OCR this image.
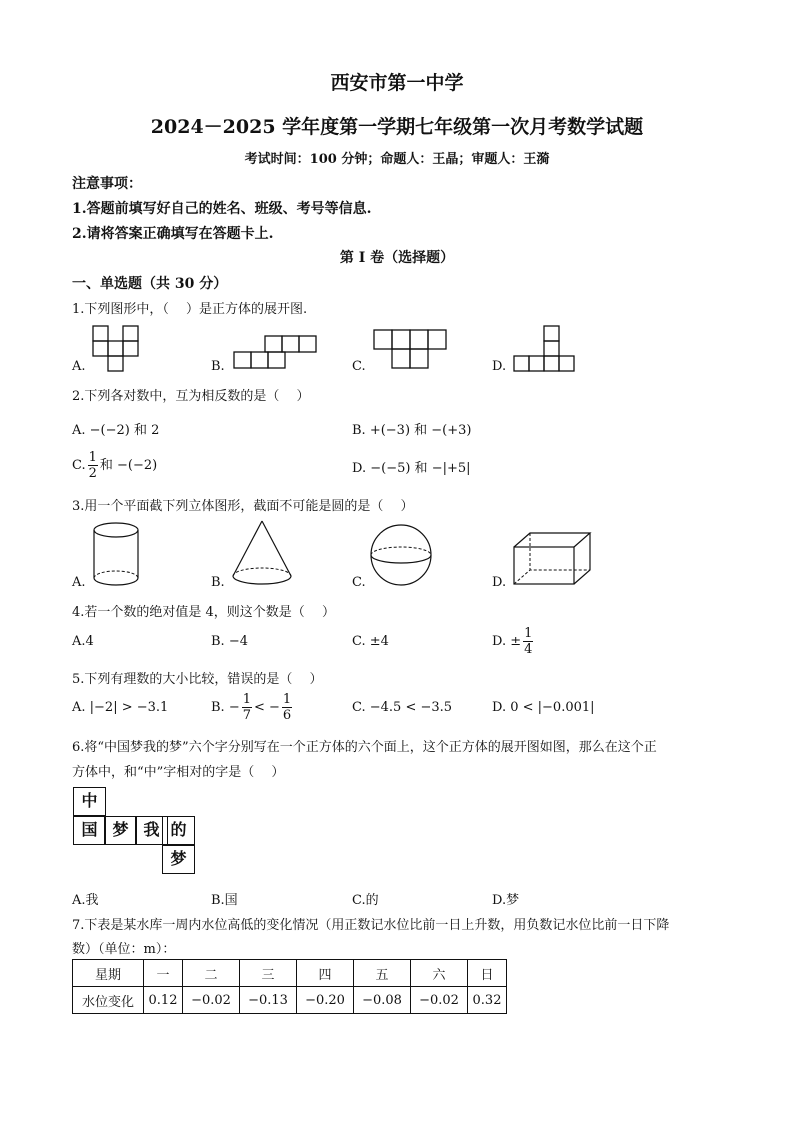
西安市第一中学
2024－2025 学年度第一学期七年级第一次月考数学试题
考试时间：100 分钟；命题人：王晶；审题人：王漪
注意事项：
1.答题前填写好自己的姓名、班级、考号等信息.
2.请将答案正确填写在答题卡上.
第 I 卷（选择题）
一、单选题（共 30 分）
1.下列图形中，（　 ）是正方体的展开图.
A.	B.	C.	D.
2.下列各对数中，互为相反数的是（　 ）
A. −(−2) 和 2	B. +(−3) 和 −(+3)
C. $\frac{1}{2}$ 和 −(−2)	D. −(−5) 和 −|+5|
3.用一个平面截下列立体图形，截面不可能是圆的是（　 ）
A.	B.	C.	D.
4.若一个数的绝对值是 4，则这个数是（　 ）
A.4	B. −4	C. ±4	D. ± $\frac{1}{4}$
5.下列有理数的大小比较，错误的是（　 ）
A. |−2| > −3.1	B. − $\frac{1}{7}$ < − $\frac{1}{6}$	C. −4.5 < −3.5	D. 0 < |−0.001|
6.将“中国梦我的梦”六个字分别写在一个正方体的六个面上，这个正方体的展开图如图，那么在这个正
方体中，和“中”字相对的字是（　 ）
中
国 梦 我 的
梦
A.我	B.国	C.的	D.梦
7.下表是某水库一周内水位高低的变化情况（用正数记水位比前一日上升数，用负数记水位比前一日下降
数）（单位：m）：
星期	一	二	三	四	五	六	日
水位变化	0.12	−0.02	−0.13	−0.20	−0.08	−0.02	0.32
